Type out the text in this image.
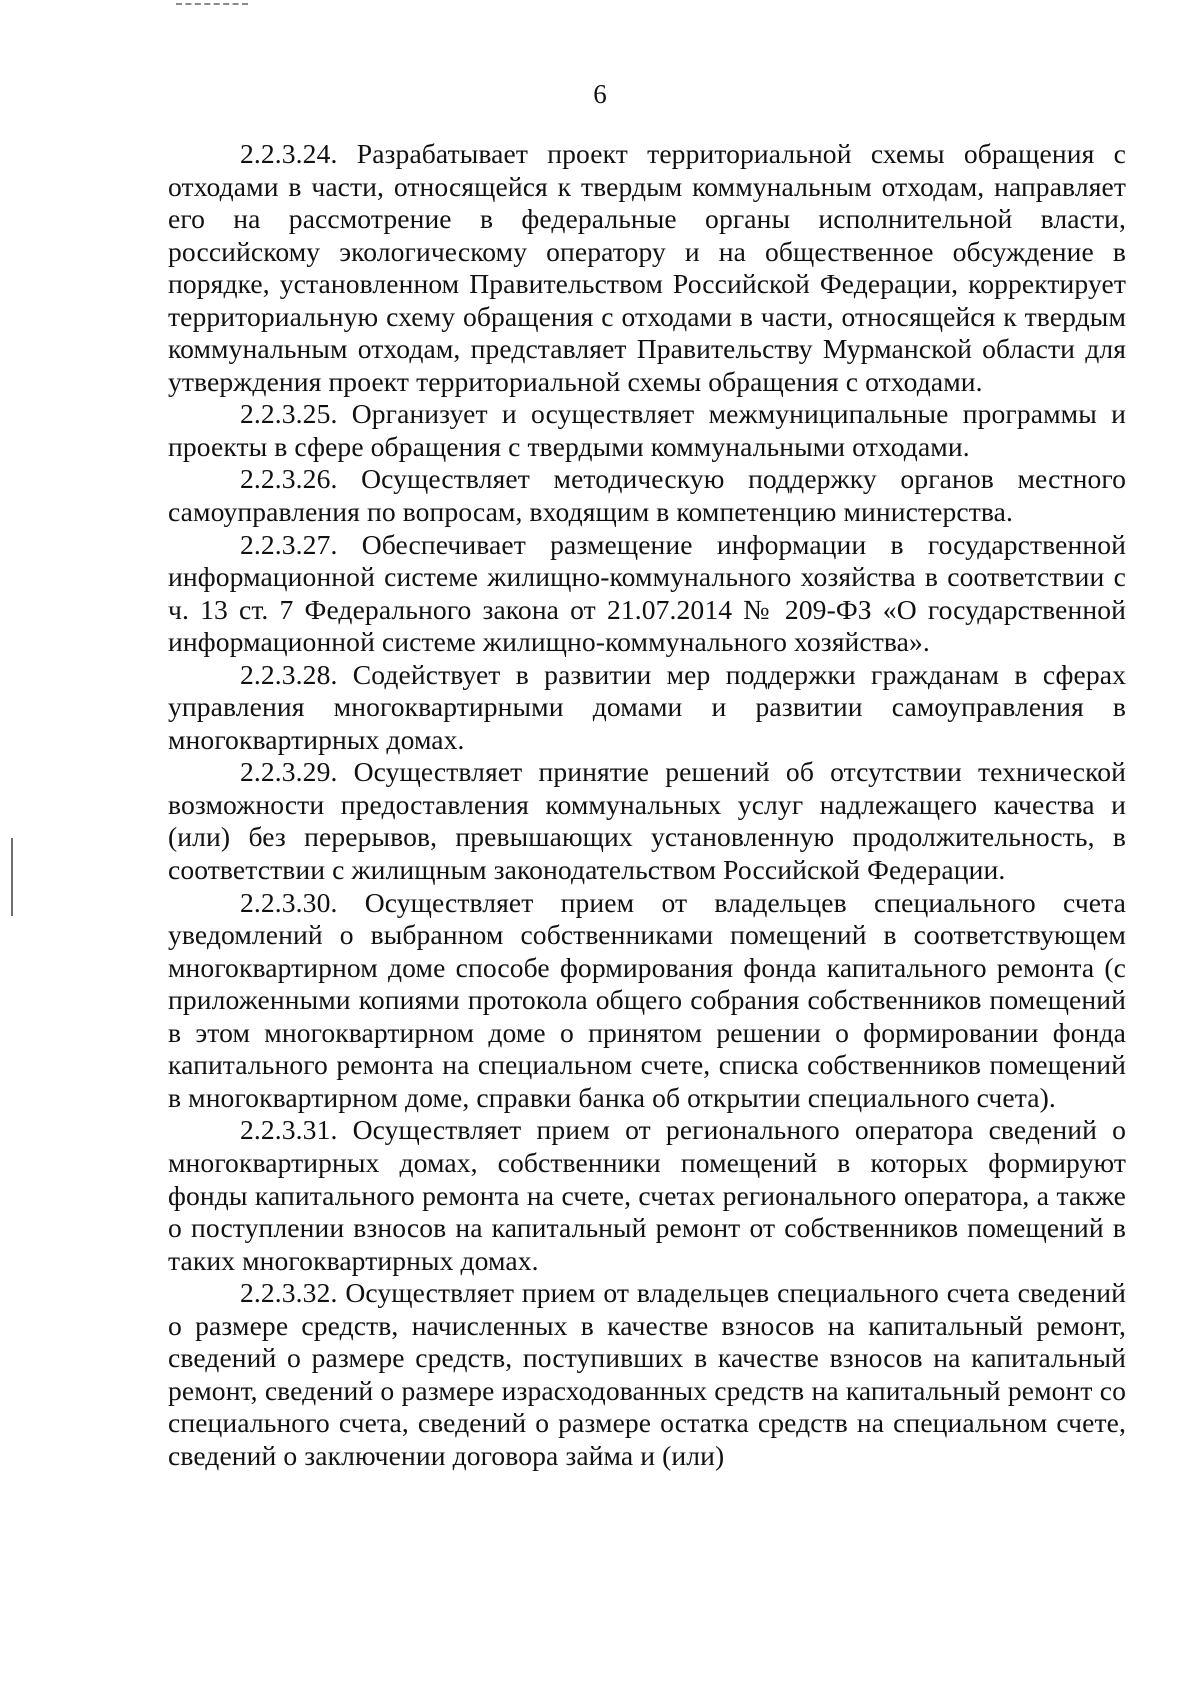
6

2.2.3.24. Разрабатывает проект территориальной схемы обращения с отходами в части, относящейся к твердым коммунальным отходам, направляет его на рассмотрение в федеральные органы исполнительной власти, российскому экологическому оператору и на общественное обсуждение в порядке, установленном Правительством Российской Федерации, корректирует территориальную схему обращения с отходами в части, относящейся к твердым коммунальным отходам, представляет Правительству Мурманской области для утверждения проект территориальной схемы обращения с отходами.

2.2.3.25. Организует и осуществляет межмуниципальные программы и проекты в сфере обращения с твердыми коммунальными отходами.

2.2.3.26. Осуществляет методическую поддержку органов местного самоуправления по вопросам, входящим в компетенцию министерства.

2.2.3.27. Обеспечивает размещение информации в государственной информационной системе жилищно-коммунального хозяйства в соответствии с ч. 13 ст. 7 Федерального закона от 21.07.2014 № 209-ФЗ «О государственной информационной системе жилищно-коммунального хозяйства».

2.2.3.28. Содействует в развитии мер поддержки гражданам в сферах управления многоквартирными домами и развитии самоуправления в многоквартирных домах.

2.2.3.29. Осуществляет принятие решений об отсутствии технической возможности предоставления коммунальных услуг надлежащего качества и (или) без перерывов, превышающих установленную продолжительность, в соответствии с жилищным законодательством Российской Федерации.

2.2.3.30. Осуществляет прием от владельцев специального счета уведомлений о выбранном собственниками помещений в соответствующем многоквартирном доме способе формирования фонда капитального ремонта (с приложенными копиями протокола общего собрания собственников помещений в этом многоквартирном доме о принятом решении о формировании фонда капитального ремонта на специальном счете, списка собственников помещений в многоквартирном доме, справки банка об открытии специального счета).

2.2.3.31. Осуществляет прием от регионального оператора сведений о многоквартирных домах, собственники помещений в которых формируют фонды капитального ремонта на счете, счетах регионального оператора, а также о поступлении взносов на капитальный ремонт от собственников помещений в таких многоквартирных домах.

2.2.3.32. Осуществляет прием от владельцев специального счета сведений о размере средств, начисленных в качестве взносов на капитальный ремонт, сведений о размере средств, поступивших в качестве взносов на капитальный ремонт, сведений о размере израсходованных средств на капитальный ремонт со специального счета, сведений о размере остатка средств на специальном счете, сведений о заключении договора займа и (или)
